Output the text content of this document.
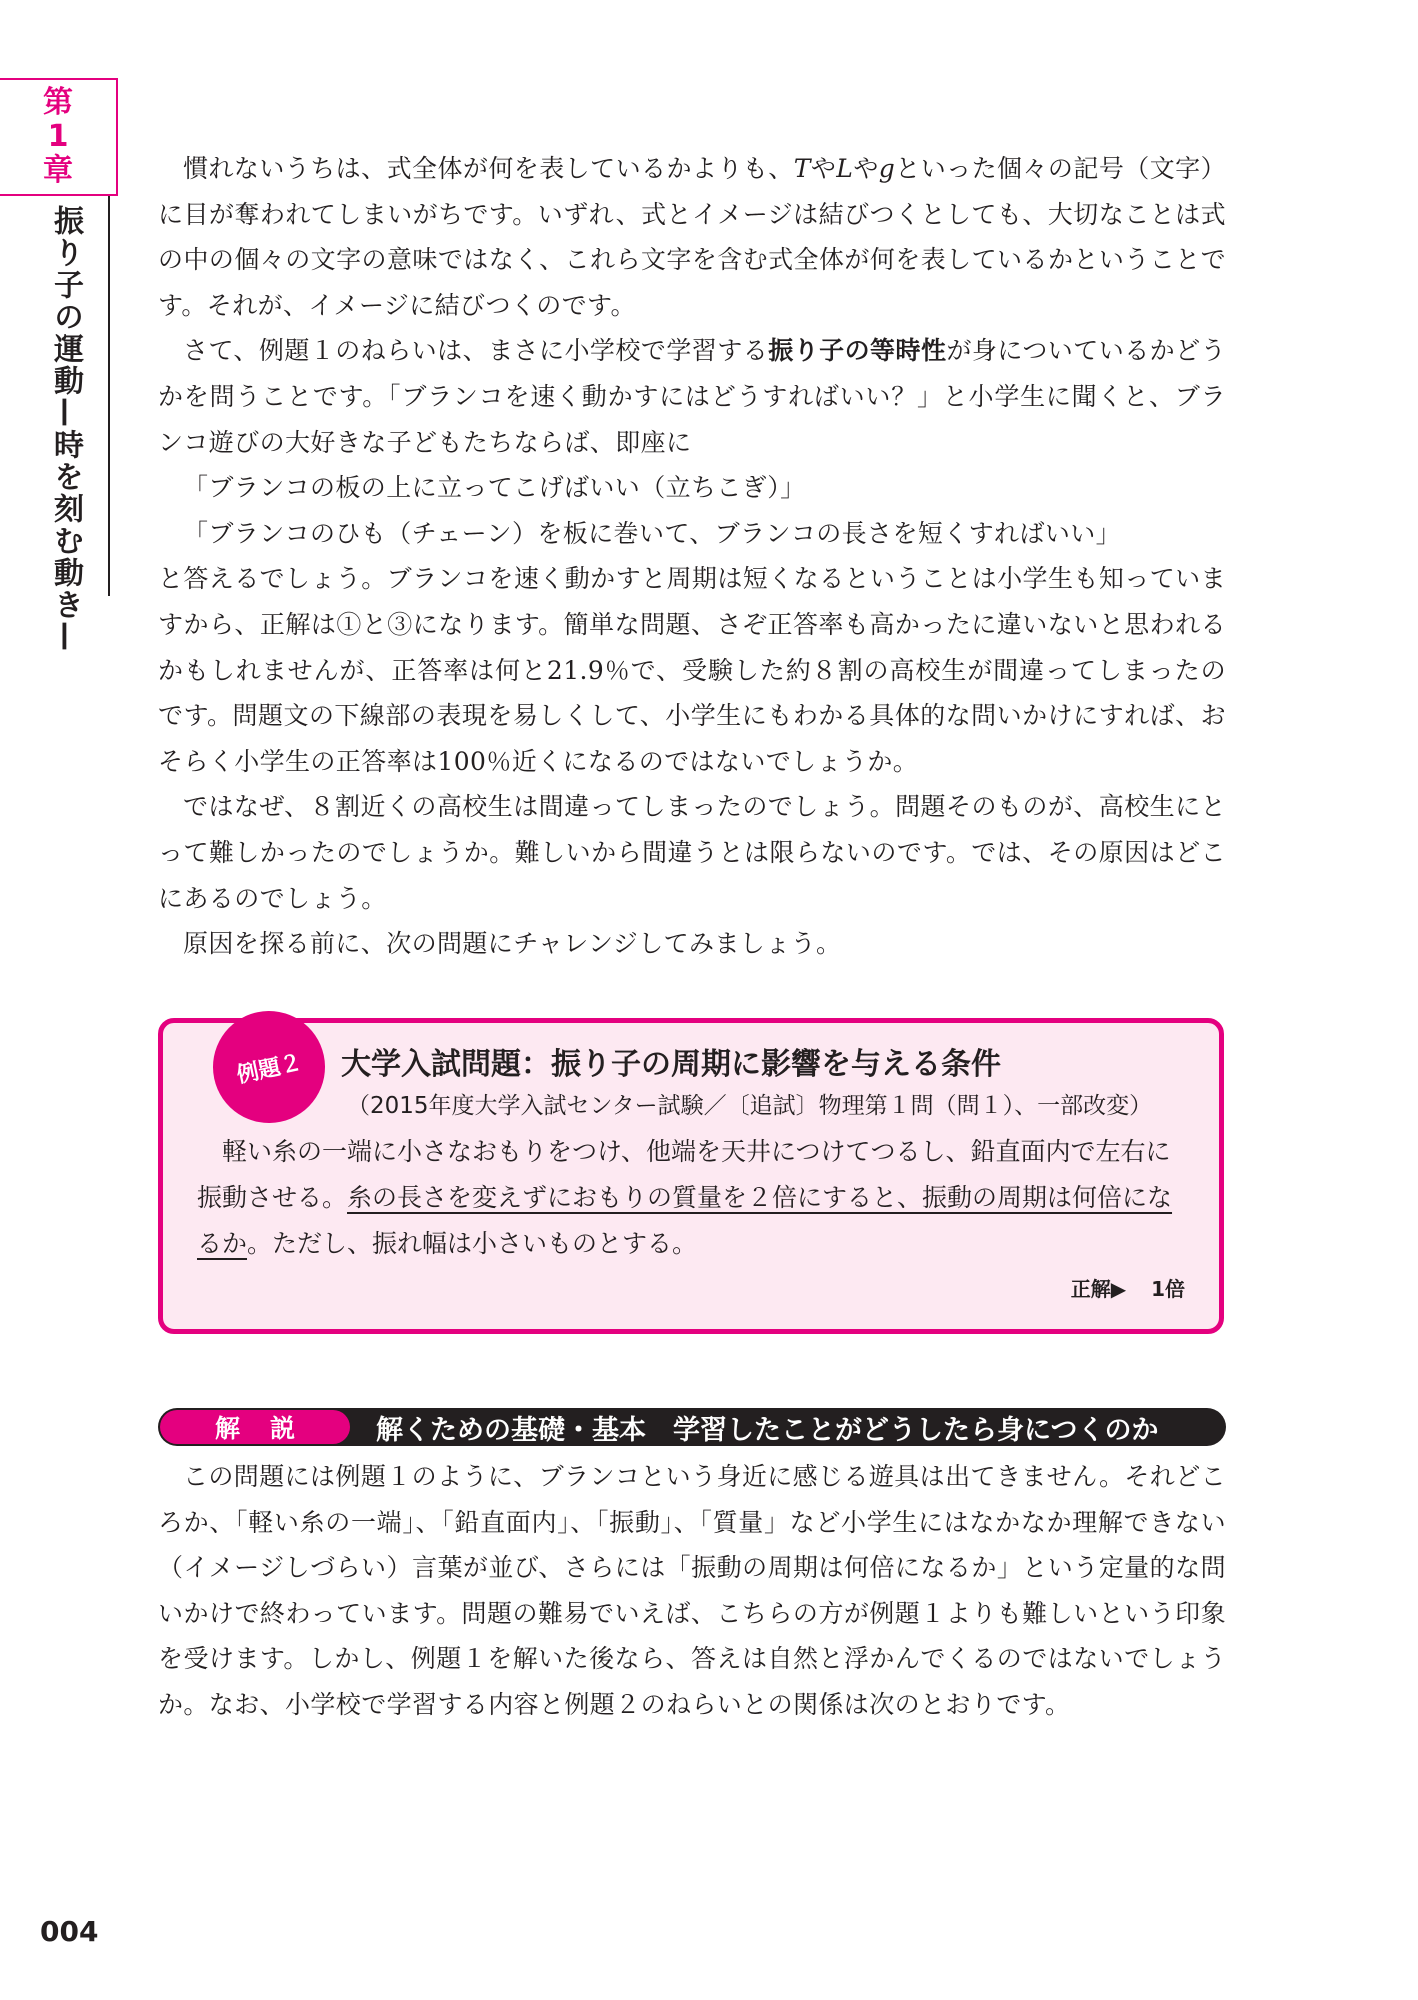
第
1
章
振り子の運動—時を刻む動き—

慣れないうちは、式全体が何を表しているかよりも、TやLやgといった個々の記号（文字）に目が奪われてしまいがちです。いずれ、式とイメージは結びつくとしても、大切なことは式の中の個々の文字の意味ではなく、これら文字を含む式全体が何を表しているかということです。それが、イメージに結びつくのです。

さて、例題１のねらいは、まさに小学校で学習する振り子の等時性が身についているかどうかを問うことです。「ブランコを速く動かすにはどうすればいい？」と小学生に聞くと、ブランコ遊びの大好きな子どもたちならば、即座に

「ブランコの板の上に立ってこげばいい（立ちこぎ）」

「ブランコのひも（チェーン）を板に巻いて、ブランコの長さを短くすればいい」

と答えるでしょう。ブランコを速く動かすと周期は短くなるということは小学生も知っていますから、正解は①と③になります。簡単な問題、さぞ正答率も高かったに違いないと思われるかもしれませんが、正答率は何と21.9％で、受験した約８割の高校生が間違ってしまったのです。問題文の下線部の表現を易しくして、小学生にもわかる具体的な問いかけにすれば、おそらく小学生の正答率は100％近くになるのではないでしょうか。

ではなぜ、８割近くの高校生は間違ってしまったのでしょう。問題そのものが、高校生にとって難しかったのでしょうか。難しいから間違うとは限らないのです。では、その原因はどこにあるのでしょう。

原因を探る前に、次の問題にチャレンジしてみましょう。

例題２	大学入試問題：振り子の周期に影響を与える条件
（2015年度大学入試センター試験／〔追試〕物理第１問（問１）、一部改変）

軽い糸の一端に小さなおもりをつけ、他端を天井につけてつるし、鉛直面内で左右に振動させる。糸の長さを変えずにおもりの質量を２倍にすると、振動の周期は何倍になるか。ただし、振れ幅は小さいものとする。

正解▶ 1倍
解説	解くための基礎・基本　学習したことがどうしたら身につくのか

この問題には例題１のように、ブランコという身近に感じる遊具は出てきません。それどころか、「軽い糸の一端」、「鉛直面内」、「振動」、「質量」など小学生にはなかなか理解できない（イメージしづらい）言葉が並び、さらには「振動の周期は何倍になるか」という定量的な問いかけで終わっています。問題の難易でいえば、こちらの方が例題１よりも難しいという印象を受けます。しかし、例題１を解いた後なら、答えは自然と浮かんでくるのではないでしょうか。なお、小学校で学習する内容と例題２のねらいとの関係は次のとおりです。

004
